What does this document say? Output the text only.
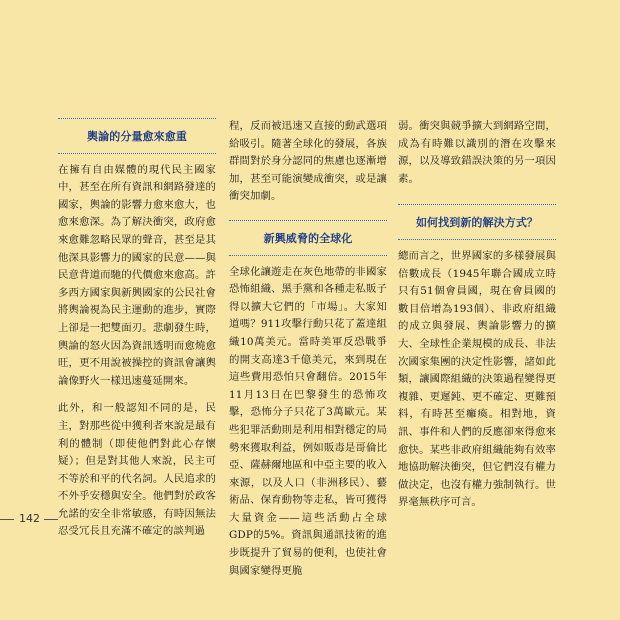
輿論的分量愈來愈重

在擁有自由媒體的現代民主國家中，甚至在所有資訊和網路發達的國家，輿論的影響力愈來愈大，也愈來愈深。為了解決衝突，政府愈來愈難忽略民眾的聲音，甚至是其他深具影響力的國家的民意——與民意背道而馳的代價愈來愈高。許多西方國家與新興國家的公民社會將輿論視為民主運動的進步，實際上卻是一把雙面刃。悲劇發生時，輿論的怒火因為資訊透明而愈燒愈旺，更不用說被操控的資訊會讓輿論像野火一樣迅速蔓延開來。

此外，和一般認知不同的是，民主，對那些從中獲利者來說是最有利的體制（即使他們對此心存懷疑）；但是對其他人來說，民主可不等於和平的代名詞。人民追求的不外乎安穩與安全。他們對於政客允諾的安全非常敏感，有時因無法忍受冗長且充滿不確定的談判過

程，反而被迅速又直接的動武選項給吸引。隨著全球化的發展，各族群間對於身分認同的焦慮也逐漸增加，甚至可能演變成衝突，或是讓衝突加劇。

新興威脅的全球化

全球化讓遊走在灰色地帶的非國家恐怖組織、黑手黨和各種走私販子得以擴大它們的「市場」。大家知道嗎？911攻擊行動只花了蓋達組織10萬美元。當時美軍反恐戰爭的開支高達3千億美元，來到現在這些費用恐怕只會翻倍。2015年11月13日在巴黎發生的恐怖攻擊，恐怖分子只花了3萬歐元。某些犯罪活動則是利用相對穩定的局勢來獲取利益，例如販毒是哥倫比亞、薩赫爾地區和中亞主要的收入來源，以及人口（非洲移民）、藝術品、保育動物等走私，皆可獲得大量資金——這些活動占全球GDP的5%。資訊與通訊技術的進步既提升了貿易的便利，也使社會與國家變得更脆

弱。衝突與競爭擴大到網路空間，成為有時難以識別的潛在攻擊來源，以及導致錯誤決策的另一項因素。

如何找到新的解決方式？

總而言之，世界國家的多樣發展與倍數成長（1945年聯合國成立時只有51個會員國，現在會員國的數目倍增為193個）、非政府組織的成立與發展、輿論影響力的擴大、全球性企業規模的成長、非法次國家集團的決定性影響，諸如此類，讓國際組織的決策過程變得更複雜、更遲鈍、更不確定、更難預料，有時甚至癱瘓。相對地，資訊、事件和人們的反應卻來得愈來愈快。某些非政府組織能夠有效率地協助解決衝突，但它們沒有權力做決定，也沒有權力強制執行。世界毫無秩序可言。

142
